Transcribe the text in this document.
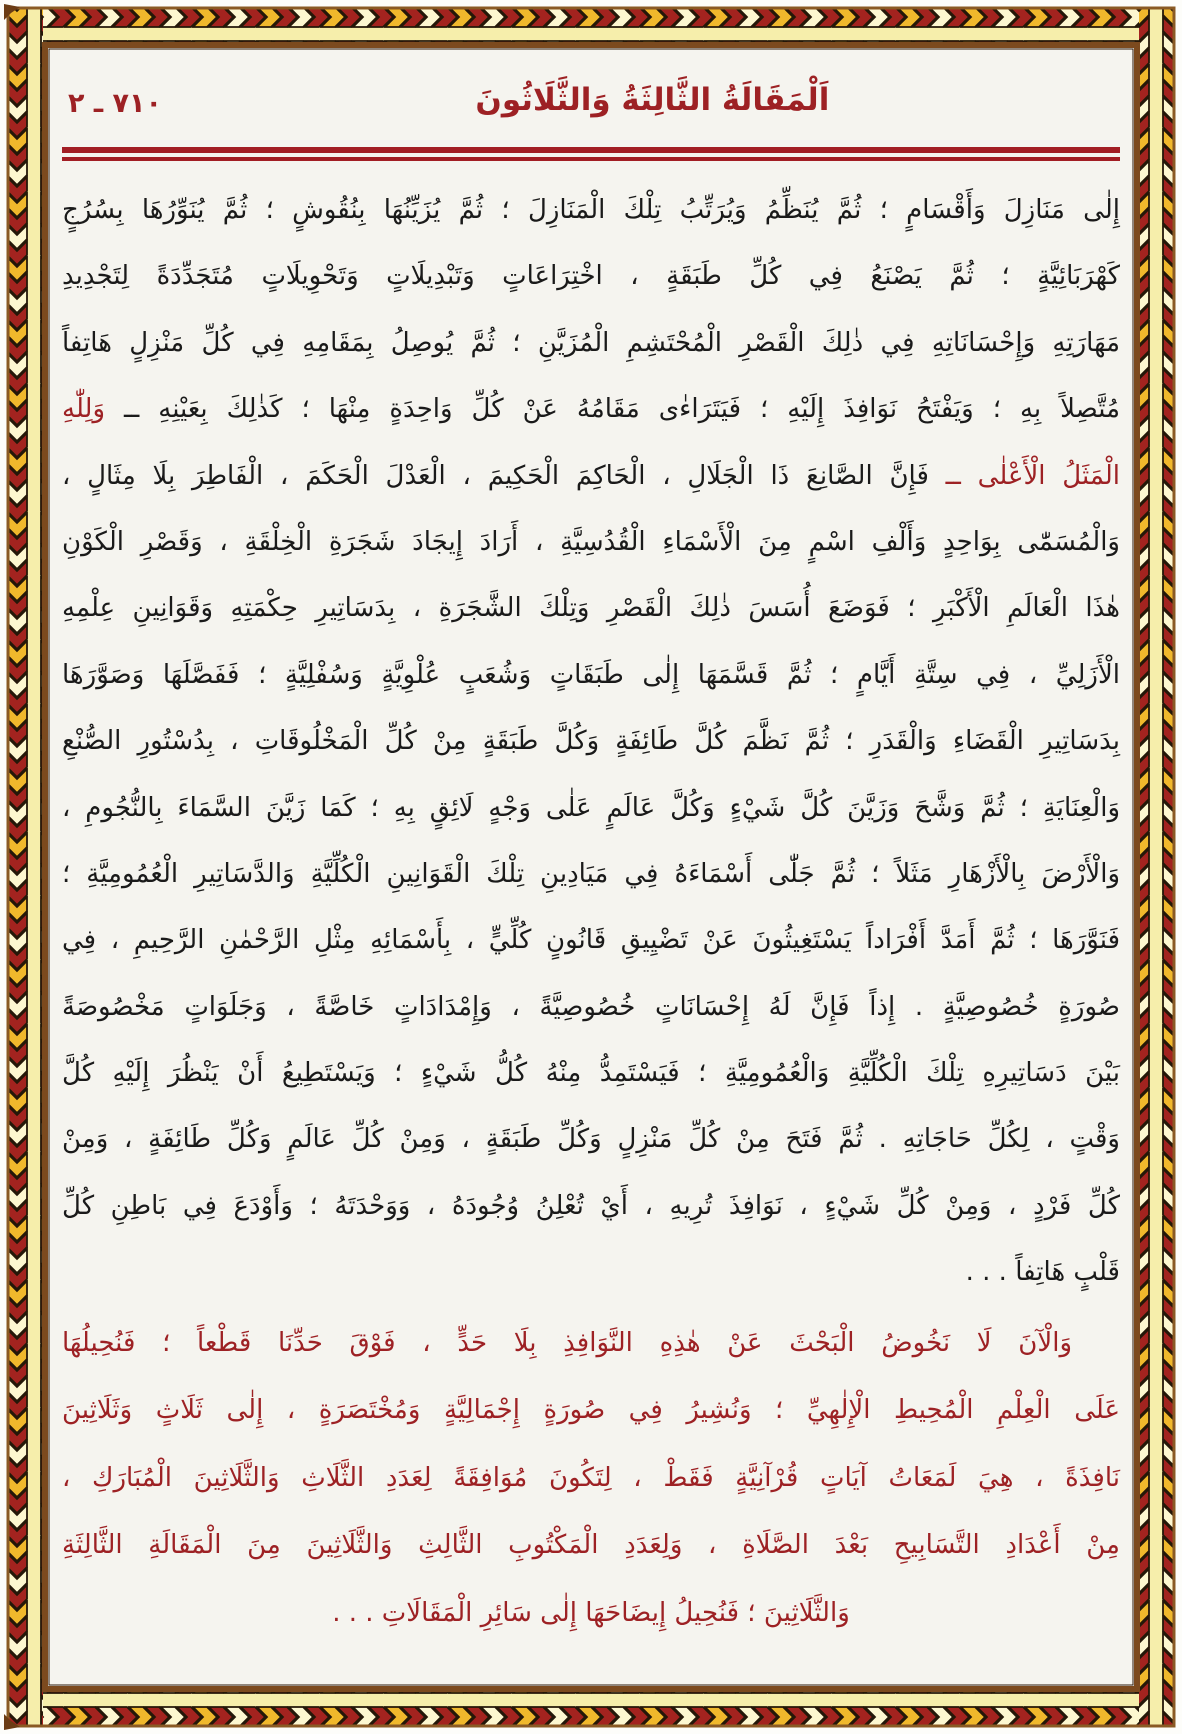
اَلْمَقَالَةُ الثَّالِثَةُ وَالثَّلَاثُونَ
٧١٠ ـ ٢
إِلٰى مَنَازِلَ وَأَقْسَامٍ ؛ ثُمَّ يُنَظِّمُ وَيُرَتِّبُ تِلْكَ الْمَنَازِلَ ؛ ثُمَّ يُزَيِّنُهَا بِنُقُوشٍ ؛ ثُمَّ يُنَوِّرُهَا بِسُرُجٍ
كَهْرَبَائِيَّةٍ ؛ ثُمَّ يَصْنَعُ فِي كُلِّ طَبَقَةٍ ، اخْتِرَاعَاتٍ وَتَبْدِيلَاتٍ وَتَحْوِيلَاتٍ مُتَجَدِّدَةً لِتَجْدِيدِ
مَهَارَتِهِ وَإِحْسَانَاتِهِ فِي ذٰلِكَ الْقَصْرِ الْمُحْتَشِمِ الْمُزَيَّنِ ؛ ثُمَّ يُوصِلُ بِمَقَامِهِ فِي كُلِّ مَنْزِلٍ هَاتِفاً
مُتَّصِلاً بِهِ ؛ وَيَفْتَحُ نَوَافِذَ إِلَيْهِ ؛ فَيَتَرَاءٰى مَقَامُهُ عَنْ كُلِّ وَاحِدَةٍ مِنْهَا ؛ كَذٰلِكَ بِعَيْنِهِ ــ وَلِلّٰهِ
الْمَثَلُ الْأَعْلٰى ــ فَإِنَّ الصَّانِعَ ذَا الْجَلَالِ ، الْحَاكِمَ الْحَكِيمَ ، الْعَدْلَ الْحَكَمَ ، الْفَاطِرَ بِلَا مِثَالٍ ،
وَالْمُسَمّٰى بِوَاحِدٍ وَأَلْفِ اسْمٍ مِنَ الْأَسْمَاءِ الْقُدُسِيَّةِ ، أَرَادَ إِيجَادَ شَجَرَةِ الْخِلْقَةِ ، وَقَصْرِ الْكَوْنِ
هٰذَا الْعَالَمِ الْأَكْبَرِ ؛ فَوَضَعَ أُسَسَ ذٰلِكَ الْقَصْرِ وَتِلْكَ الشَّجَرَةِ ، بِدَسَاتِيرِ حِكْمَتِهِ وَقَوَانِينِ عِلْمِهِ
الْأَزَلِيِّ ، فِي سِتَّةِ أَيَّامٍ ؛ ثُمَّ قَسَّمَهَا إِلٰى طَبَقَاتٍ وَشُعَبٍ عُلْوِيَّةٍ وَسُفْلِيَّةٍ ؛ فَفَصَّلَهَا وَصَوَّرَهَا
بِدَسَاتِيرِ الْقَضَاءِ وَالْقَدَرِ ؛ ثُمَّ نَظَّمَ كُلَّ طَائِفَةٍ وَكُلَّ طَبَقَةٍ مِنْ كُلِّ الْمَخْلُوقَاتِ ، بِدُسْتُورِ الصُّنْعِ
وَالْعِنَايَةِ ؛ ثُمَّ وَشَّحَ وَزَيَّنَ كُلَّ شَيْءٍ وَكُلَّ عَالَمٍ عَلٰى وَجْهٍ لَائِقٍ بِهِ ؛ كَمَا زَيَّنَ السَّمَاءَ بِالنُّجُومِ ،
وَالْأَرْضَ بِالْأَزْهَارِ مَثَلاً ؛ ثُمَّ جَلّٰى أَسْمَاءَهُ فِي مَيَادِينِ تِلْكَ الْقَوَانِينِ الْكُلِّيَّةِ وَالدَّسَاتِيرِ الْعُمُومِيَّةِ ؛
فَنَوَّرَهَا ؛ ثُمَّ أَمَدَّ أَفْرَاداً يَسْتَغِيثُونَ عَنْ تَضْيِيقِ قَانُونٍ كُلِّيٍّ ، بِأَسْمَائِهِ مِثْلِ الرَّحْمٰنِ الرَّحِيمِ ، فِي
صُورَةٍ خُصُوصِيَّةٍ . إِذاً فَإِنَّ لَهُ إِحْسَانَاتٍ خُصُوصِيَّةً ، وَإِمْدَادَاتٍ خَاصَّةً ، وَجَلَوَاتٍ مَخْصُوصَةً
بَيْنَ دَسَاتِيرِهِ تِلْكَ الْكُلِّيَّةِ وَالْعُمُومِيَّةِ ؛ فَيَسْتَمِدُّ مِنْهُ كُلُّ شَيْءٍ ؛ وَيَسْتَطِيعُ أَنْ يَنْظُرَ إِلَيْهِ كُلَّ
وَقْتٍ ، لِكُلِّ حَاجَاتِهِ . ثُمَّ فَتَحَ مِنْ كُلِّ مَنْزِلٍ وَكُلِّ طَبَقَةٍ ، وَمِنْ كُلِّ عَالَمٍ وَكُلِّ طَائِفَةٍ ، وَمِنْ
كُلِّ فَرْدٍ ، وَمِنْ كُلِّ شَيْءٍ ، نَوَافِذَ تُرِيهِ ، أَيْ تُعْلِنُ وُجُودَهُ ، وَوَحْدَتَهُ ؛ وَأَوْدَعَ فِي بَاطِنِ كُلِّ
قَلْبٍ هَاتِفاً . . .
وَالْآنَ لَا نَخُوضُ الْبَحْثَ عَنْ هٰذِهِ النَّوَافِذِ بِلَا حَدٍّ ، فَوْقَ حَدِّنَا قَطْعاً ؛ فَنُحِيلُهَا
عَلَى الْعِلْمِ الْمُحِيطِ الْإِلٰهِيِّ ؛ وَنُشِيرُ فِي صُورَةٍ إِجْمَالِيَّةٍ وَمُخْتَصَرَةٍ ، إِلٰى ثَلَاثٍ وَثَلَاثِينَ
نَافِذَةً ، هِيَ لَمَعَاتُ آيَاتٍ قُرْآنِيَّةٍ فَقَطْ ، لِتَكُونَ مُوَافِقَةً لِعَدَدِ الثَّلَاثِ وَالثَّلَاثِينَ الْمُبَارَكِ ،
مِنْ أَعْدَادِ التَّسَابِيحِ بَعْدَ الصَّلَاةِ ، وَلِعَدَدِ الْمَكْتُوبِ الثَّالِثِ وَالثَّلَاثِينَ مِنَ الْمَقَالَةِ الثَّالِثَةِ
وَالثَّلَاثِينَ ؛ فَنُحِيلُ إِيضَاحَهَا إِلٰى سَائِرِ الْمَقَالَاتِ . . .
